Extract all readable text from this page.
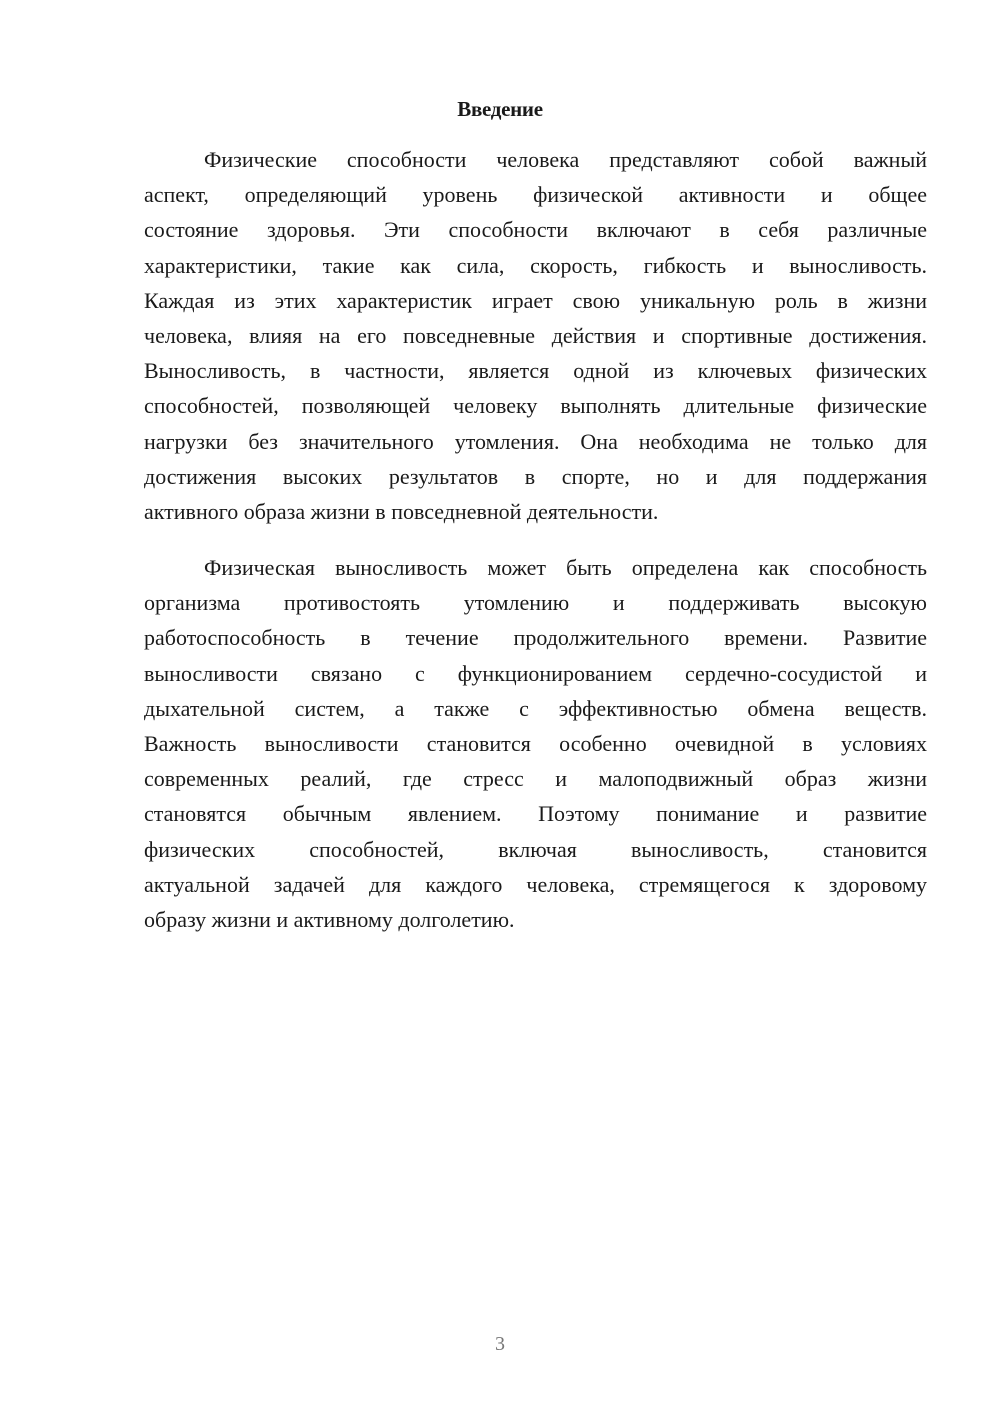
Введение
Физические способности человека представляют собой важный
аспект, определяющий уровень физической активности и общее
состояние здоровья. Эти способности включают в себя различные
характеристики, такие как сила, скорость, гибкость и выносливость.
Каждая из этих характеристик играет свою уникальную роль в жизни
человека, влияя на его повседневные действия и спортивные достижения.
Выносливость, в частности, является одной из ключевых физических
способностей, позволяющей человеку выполнять длительные физические
нагрузки без значительного утомления. Она необходима не только для
достижения высоких результатов в спорте, но и для поддержания
активного образа жизни в повседневной деятельности.
Физическая выносливость может быть определена как способность
организма противостоять утомлению и поддерживать высокую
работоспособность в течение продолжительного времени. Развитие
выносливости связано с функционированием сердечно-сосудистой и
дыхательной систем, а также с эффективностью обмена веществ.
Важность выносливости становится особенно очевидной в условиях
современных реалий, где стресс и малоподвижный образ жизни
становятся обычным явлением. Поэтому понимание и развитие
физических способностей, включая выносливость, становится
актуальной задачей для каждого человека, стремящегося к здоровому
образу жизни и активному долголетию.
3
